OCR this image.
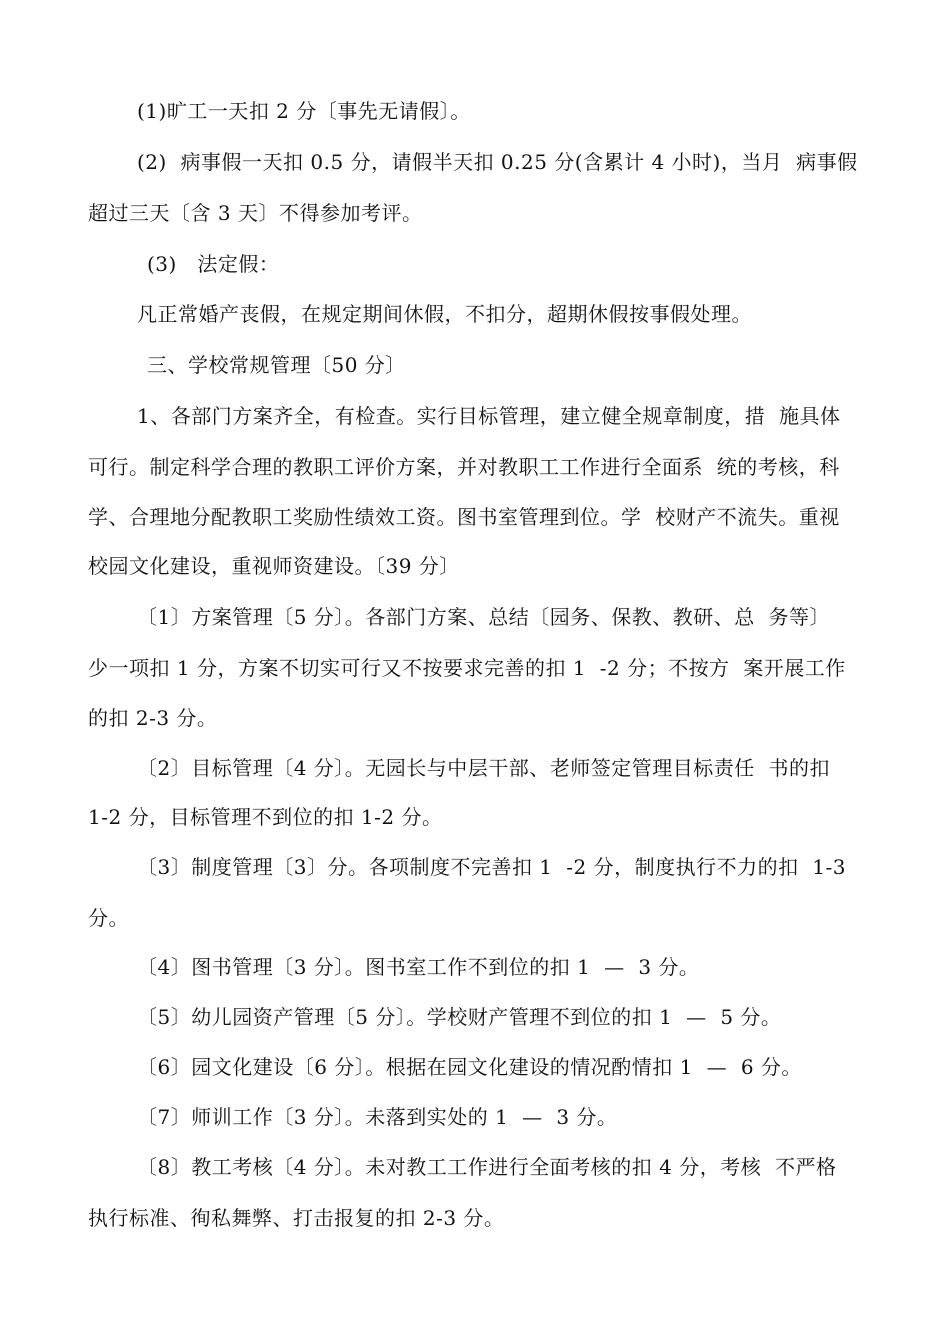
(1)旷工一天扣 2 分〔事先无请假〕。
(2)  病事假一天扣 0.5 分，请假半天扣 0.25 分(含累计 4 小时)，当月  病事假
超过三天〔含 3 天〕不得参加考评。
(3)   法定假：
凡正常婚产丧假，在规定期间休假，不扣分，超期休假按事假处理。
三、学校常规管理〔50 分〕
1、各部门方案齐全，有检查。实行目标管理，建立健全规章制度，措  施具体
可行。制定科学合理的教职工评价方案，并对教职工工作进行全面系  统的考核，科
学、合理地分配教职工奖励性绩效工资。图书室管理到位。学  校财产不流失。重视
校园文化建设，重视师资建设。〔39 分〕
〔1〕方案管理〔5 分〕。各部门方案、总结〔园务、保教、教研、总  务等〕
少一项扣 1 分，方案不切实可行又不按要求完善的扣 1  -2 分；不按方  案开展工作
的扣 2-3 分。
〔2〕目标管理〔4 分〕。无园长与中层干部、老师签定管理目标责任  书的扣
1-2 分，目标管理不到位的扣 1-2 分。
〔3〕制度管理〔3〕分。各项制度不完善扣 1  -2 分，制度执行不力的扣  1-3
分。
〔4〕图书管理〔3 分〕。图书室工作不到位的扣 1  —  3 分。
〔5〕幼儿园资产管理〔5 分〕。学校财产管理不到位的扣 1  —  5 分。
〔6〕园文化建设〔6 分〕。根据在园文化建设的情况酌情扣 1  —  6 分。
〔7〕师训工作〔3 分〕。未落到实处的 1  —  3 分。
〔8〕教工考核〔4 分〕。未对教工工作进行全面考核的扣 4 分，考核  不严格
执行标准、徇私舞弊、打击报复的扣 2-3 分。
